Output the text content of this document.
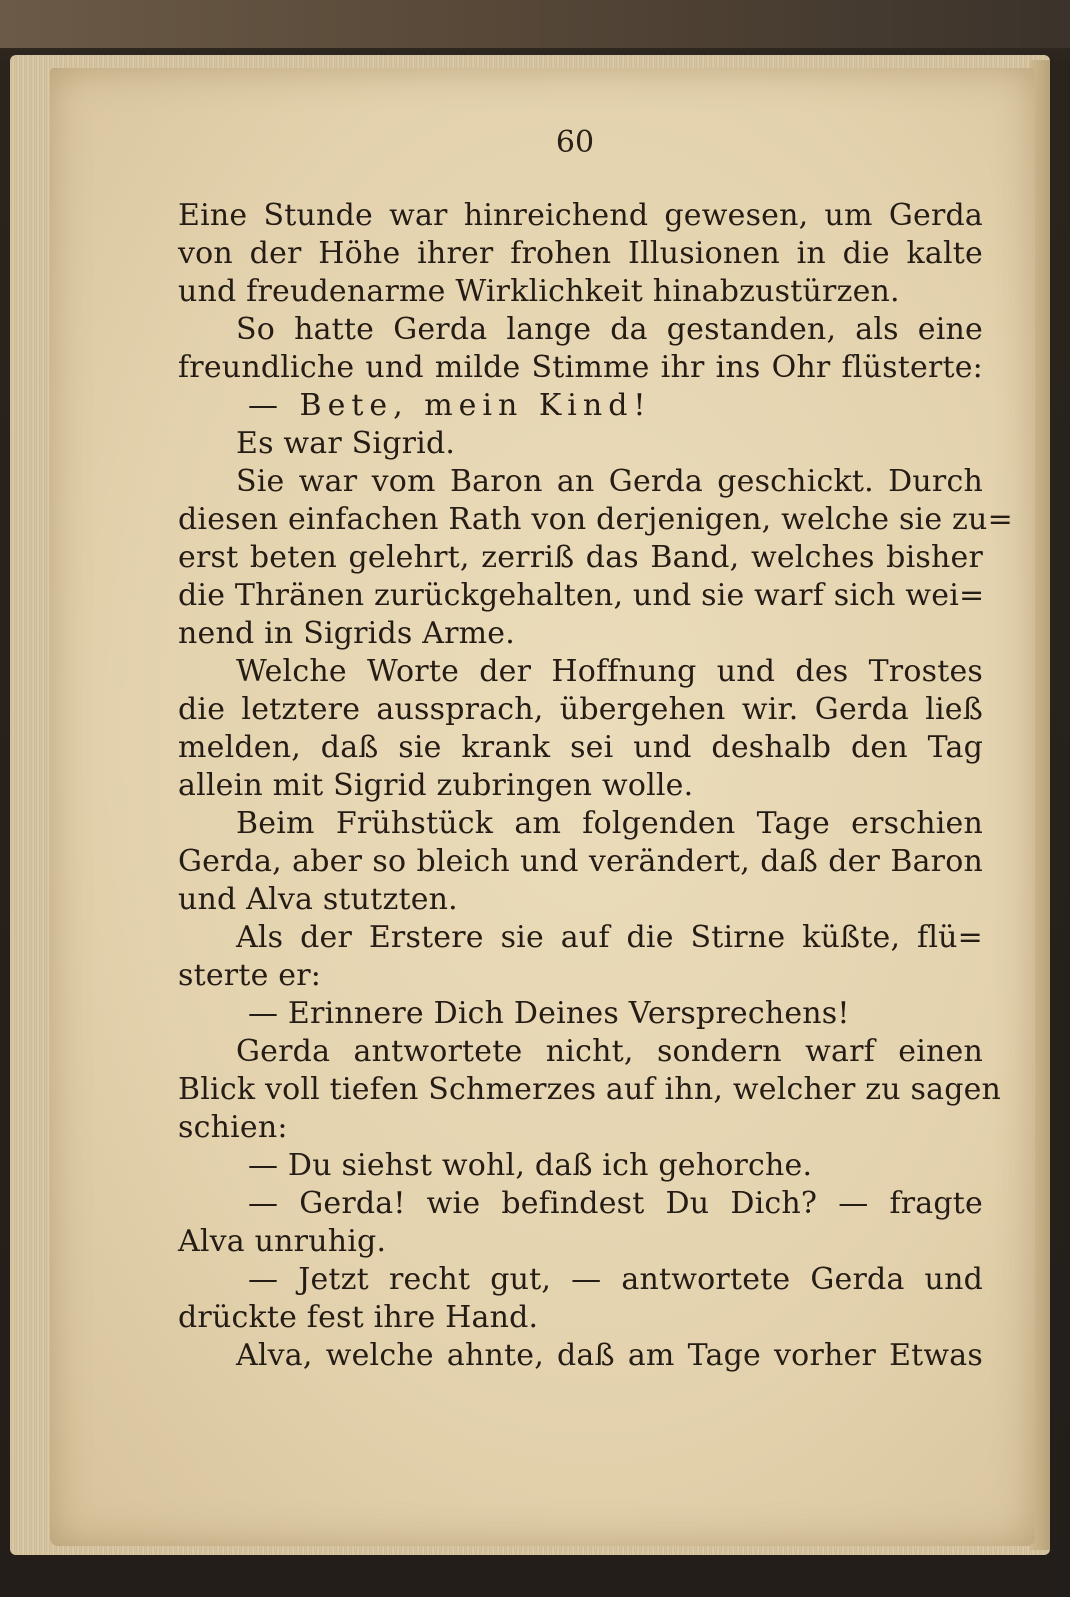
60
Eine Stunde war hinreichend gewesen, um Gerda
von der Höhe ihrer frohen Illusionen in die kalte
und freudenarme Wirklichkeit hinabzustürzen.
So hatte Gerda lange da gestanden, als eine
freundliche und milde Stimme ihr ins Ohr flüsterte:
— Bete, mein Kind!
Es war Sigrid.
Sie war vom Baron an Gerda geschickt. Durch
diesen einfachen Rath von derjenigen, welche sie zu=
erst beten gelehrt, zerriß das Band, welches bisher
die Thränen zurückgehalten, und sie warf sich wei=
nend in Sigrids Arme.
Welche Worte der Hoffnung und des Trostes
die letztere aussprach, übergehen wir. Gerda ließ
melden, daß sie krank sei und deshalb den Tag
allein mit Sigrid zubringen wolle.
Beim Frühstück am folgenden Tage erschien
Gerda, aber so bleich und verändert, daß der Baron
und Alva stutzten.
Als der Erstere sie auf die Stirne küßte, flü=
sterte er:
— Erinnere Dich Deines Versprechens!
Gerda antwortete nicht, sondern warf einen
Blick voll tiefen Schmerzes auf ihn, welcher zu sagen
schien:
— Du siehst wohl, daß ich gehorche.
— Gerda! wie befindest Du Dich? — fragte
Alva unruhig.
— Jetzt recht gut, — antwortete Gerda und
drückte fest ihre Hand.
Alva, welche ahnte, daß am Tage vorher Etwas
